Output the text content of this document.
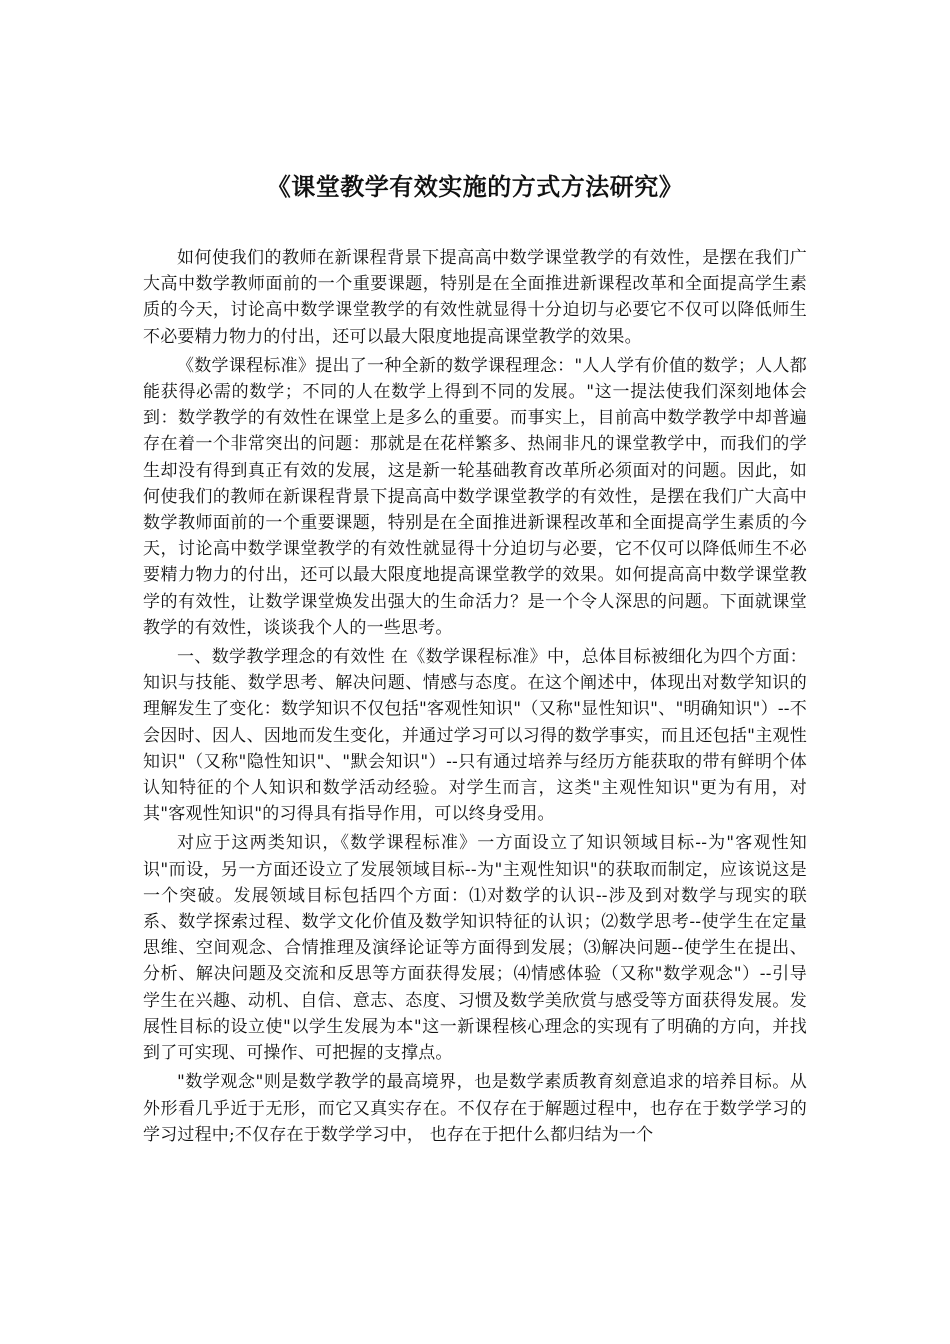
《课堂教学有效实施的方式方法研究》

如何使我们的教师在新课程背景下提高高中数学课堂教学的有效性，是摆在我们广大高中数学教师面前的一个重要课题，特别是在全面推进新课程改革和全面提高学生素质的今天，讨论高中数学课堂教学的有效性就显得十分迫切与必要它不仅可以降低师生不必要精力物力的付出，还可以最大限度地提高课堂教学的效果。

《数学课程标准》提出了一种全新的数学课程理念："人人学有价值的数学；人人都能获得必需的数学；不同的人在数学上得到不同的发展。"这一提法使我们深刻地体会到：数学教学的有效性在课堂上是多么的重要。而事实上，目前高中数学教学中却普遍存在着一个非常突出的问题：那就是在花样繁多、热闹非凡的课堂教学中，而我们的学生却没有得到真正有效的发展，这是新一轮基础教育改革所必须面对的问题。因此，如何使我们的教师在新课程背景下提高高中数学课堂教学的有效性，是摆在我们广大高中数学教师面前的一个重要课题，特别是在全面推进新课程改革和全面提高学生素质的今天，讨论高中数学课堂教学的有效性就显得十分迫切与必要，它不仅可以降低师生不必要精力物力的付出，还可以最大限度地提高课堂教学的效果。如何提高高中数学课堂教学的有效性，让数学课堂焕发出强大的生命活力？是一个令人深思的问题。下面就课堂教学的有效性，谈谈我个人的一些思考。

一、数学教学理念的有效性 在《数学课程标准》中，总体目标被细化为四个方面：知识与技能、数学思考、解决问题、情感与态度。在这个阐述中，体现出对数学知识的理解发生了变化：数学知识不仅包括"客观性知识"（又称"显性知识"、"明确知识"）--不会因时、因人、因地而发生变化，并通过学习可以习得的数学事实，而且还包括"主观性知识"（又称"隐性知识"、"默会知识"）--只有通过培养与经历方能获取的带有鲜明个体认知特征的个人知识和数学活动经验。对学生而言，这类"主观性知识"更为有用，对其"客观性知识"的习得具有指导作用，可以终身受用。

对应于这两类知识，《数学课程标准》一方面设立了知识领域目标--为"客观性知识"而设，另一方面还设立了发展领域目标--为"主观性知识"的获取而制定，应该说这是一个突破。发展领域目标包括四个方面：⑴对数学的认识--涉及到对数学与现实的联系、数学探索过程、数学文化价值及数学知识特征的认识；⑵数学思考--使学生在定量思维、空间观念、合情推理及演绎论证等方面得到发展；⑶解决问题--使学生在提出、分析、解决问题及交流和反思等方面获得发展；⑷情感体验（又称"数学观念"）--引导学生在兴趣、动机、自信、意志、态度、习惯及数学美欣赏与感受等方面获得发展。发展性目标的设立使"以学生发展为本"这一新课程核心理念的实现有了明确的方向，并找到了可实现、可操作、可把握的支撑点。

"数学观念"则是数学教学的最高境界，也是数学素质教育刻意追求的培养目标。从外形看几乎近于无形，而它又真实存在。不仅存在于解题过程中，也存在于数学学习的学习过程中;不仅存在于数学学习中， 也存在于把什么都归结为一个
